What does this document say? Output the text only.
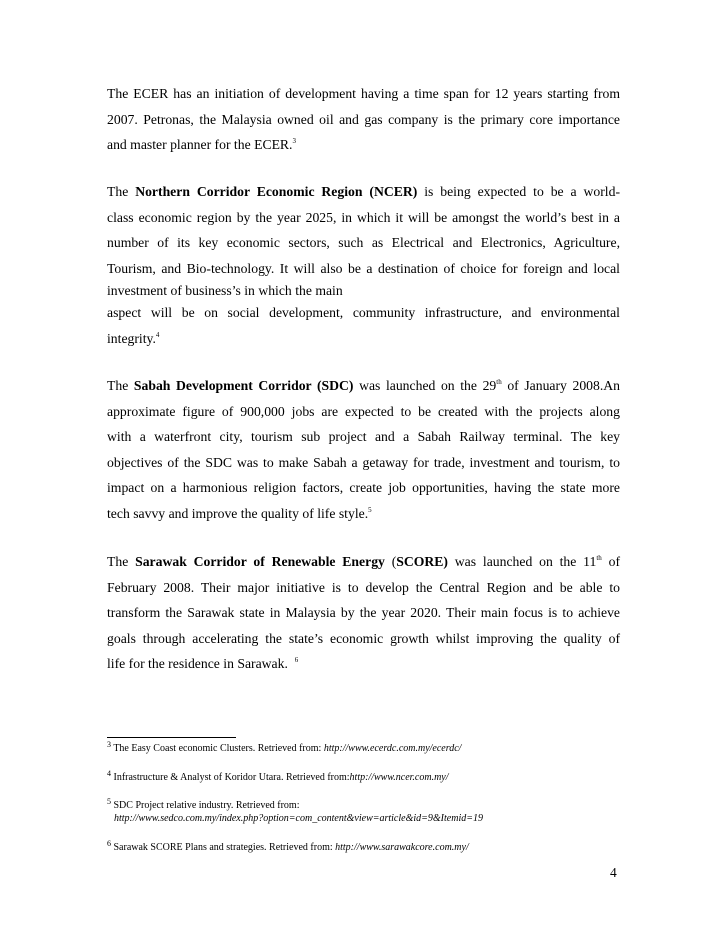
The ECER has an initiation of development having a time span for 12 years starting from
2007. Petronas, the Malaysia owned oil and gas company is the primary core importance
and master planner for the ECER.$^3$

The Northern Corridor Economic Region (NCER) is being expected to be a world-
class economic region by the year 2025, in which it will be amongst the world’s best in a
number of its key economic sectors, such as Electrical and Electronics, Agriculture,
Tourism, and Bio-technology. It will also be a destination of choice for foreign and local
investment of business’s in which the main
aspect will be on social development, community infrastructure, and environmental
integrity.$^4$

The Sabah Development Corridor (SDC) was launched on the 29th of January 2008.An
approximate figure of 900,000 jobs are expected to be created with the projects along
with a waterfront city, tourism sub project and a Sabah Railway terminal. The key
objectives of the SDC was to make Sabah a getaway for trade, investment and tourism, to
impact on a harmonious religion factors, create job opportunities, having the state more
tech savvy and improve the quality of life style.$^5$

The Sarawak Corridor of Renewable Energy (SCORE) was launched on the 11th of
February 2008. Their major initiative is to develop the Central Region and be able to
transform the Sarawak state in Malaysia by the year 2020. Their main focus is to achieve
goals through accelerating the state’s economic growth whilst improving the quality of
life for the residence in Sarawak. $^6$

$^3$ The Easy Coast economic Clusters. Retrieved from: http://www.ecerdc.com.my/ecerdc/

$^4$ Infrastructure & Analyst of Koridor Utara. Retrieved from:http://www.ncer.com.my/

$^5$ SDC Project relative industry. Retrieved from:
http://www.sedco.com.my/index.php?option=com_content&view=article&id=9&Itemid=19

$^6$ Sarawak SCORE Plans and strategies. Retrieved from: http://www.sarawakcore.com.my/

4
